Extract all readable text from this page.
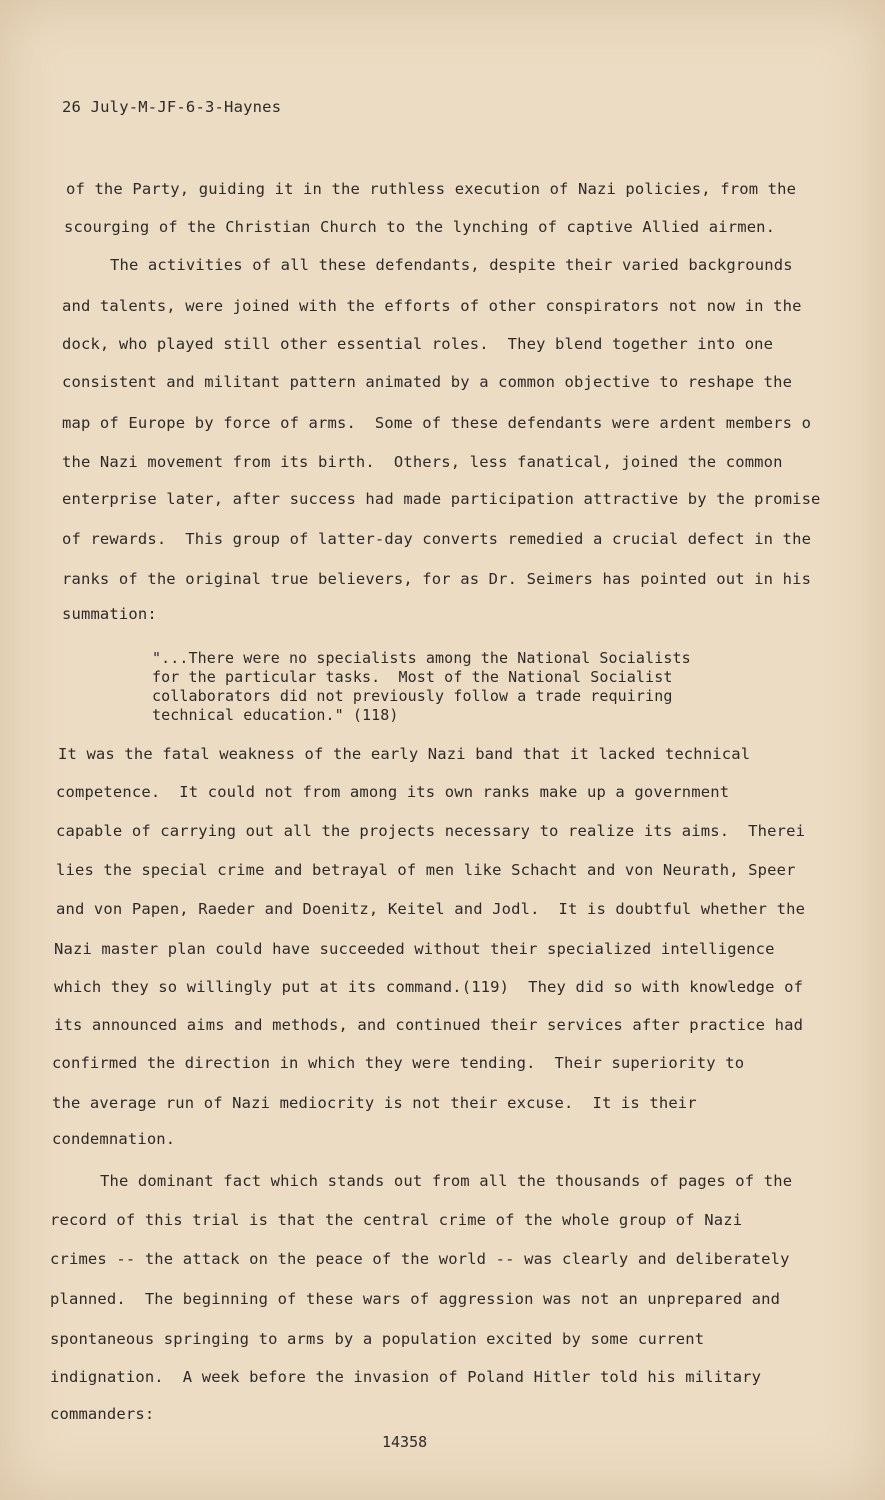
26 July-M-JF-6-3-Haynes
of the Party, guiding it in the ruthless execution of Nazi policies, from the
scourging of the Christian Church to the lynching of captive Allied airmen.
The activities of all these defendants, despite their varied backgrounds
and talents, were joined with the efforts of other conspirators not now in the
dock, who played still other essential roles.  They blend together into one
consistent and militant pattern animated by a common objective to reshape the
map of Europe by force of arms.  Some of these defendants were ardent members o
the Nazi movement from its birth.  Others, less fanatical, joined the common
enterprise later, after success had made participation attractive by the promise
of rewards.  This group of latter-day converts remedied a crucial defect in the
ranks of the original true believers, for as Dr. Seimers has pointed out in his
summation:
"...There were no specialists among the National Socialists
for the particular tasks.  Most of the National Socialist
collaborators did not previously follow a trade requiring
technical education." (118)
It was the fatal weakness of the early Nazi band that it lacked technical
competence.  It could not from among its own ranks make up a government
capable of carrying out all the projects necessary to realize its aims.  Therei
lies the special crime and betrayal of men like Schacht and von Neurath, Speer
and von Papen, Raeder and Doenitz, Keitel and Jodl.  It is doubtful whether the
Nazi master plan could have succeeded without their specialized intelligence
which they so willingly put at its command.(119)  They did so with knowledge of
its announced aims and methods, and continued their services after practice had
confirmed the direction in which they were tending.  Their superiority to
the average run of Nazi mediocrity is not their excuse.  It is their
condemnation.
The dominant fact which stands out from all the thousands of pages of the
record of this trial is that the central crime of the whole group of Nazi
crimes -- the attack on the peace of the world -- was clearly and deliberately
planned.  The beginning of these wars of aggression was not an unprepared and
spontaneous springing to arms by a population excited by some current
indignation.  A week before the invasion of Poland Hitler told his military
commanders:
14358
